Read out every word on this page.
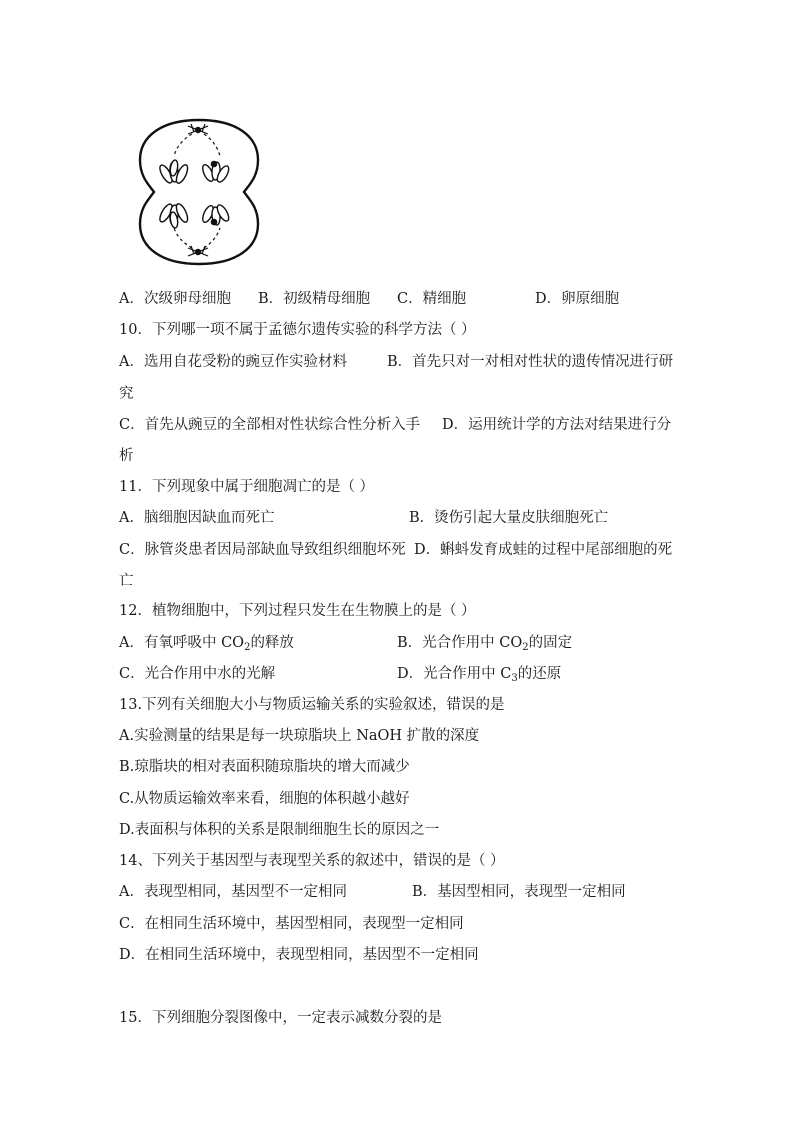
A．次级卵母细胞 B．初级精母细胞 C．精细胞	D．卵原细胞
10．下列哪一项不属于孟德尔遗传实验的科学方法（ ）
A．选用自花受粉的豌豆作实验材料	B．首先只对一对相对性状的遗传情况进行研
究
C．首先从豌豆的全部相对性状综合性分析入手 D．运用统计学的方法对结果进行分
析
11．下列现象中属于细胞凋亡的是（ ）
A．脑细胞因缺血而死亡	B．烫伤引起大量皮肤细胞死亡
C．脉管炎患者因局部缺血导致组织细胞坏死 D．蝌蚪发育成蛙的过程中尾部细胞的死
亡
12．植物细胞中，下列过程只发生在生物膜上的是（ ）
A．有氧呼吸中 $CO_2$的释放	B．光合作用中 $CO_2$的固定
C．光合作用中水的光解	D．光合作用中 $C_3$的还原
13.下列有关细胞大小与物质运输关系的实验叙述，错误的是
A.实验测量的结果是每一块琼脂块上 NaOH 扩散的深度
B.琼脂块的相对表面积随琼脂块的增大而减少
C.从物质运输效率来看，细胞的体积越小越好
D.表面积与体积的关系是限制细胞生长的原因之一
14、下列关于基因型与表现型关系的叙述中，错误的是（ ）
A．表现型相同，基因型不一定相同	B．基因型相同，表现型一定相同
C．在相同生活环境中，基因型相同，表现型一定相同
D．在相同生活环境中，表现型相同，基因型不一定相同
15．下列细胞分裂图像中，一定表示减数分裂的是
